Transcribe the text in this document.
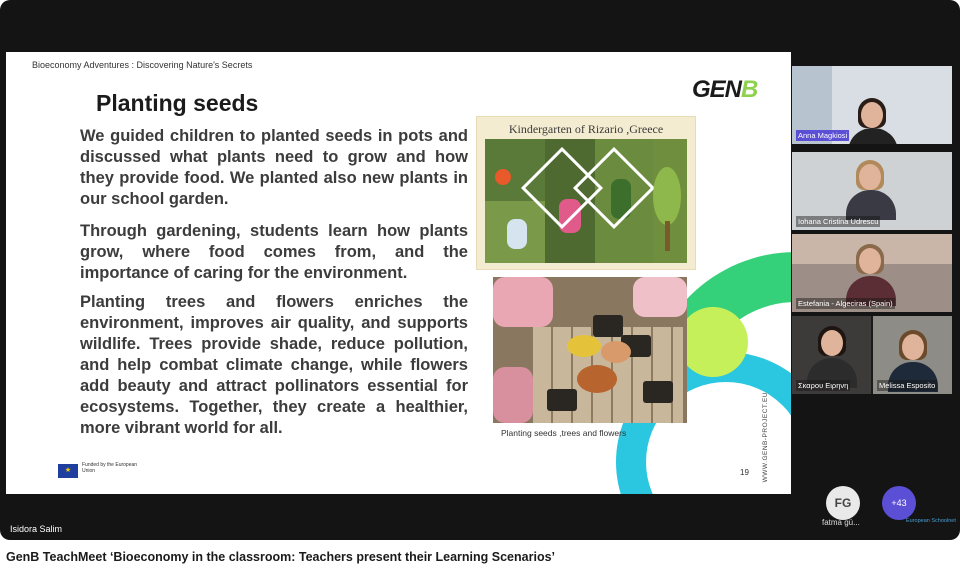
Bioeconomy Adventures : Discovering Nature's Secrets
GENB
Planting seeds
We guided children to planted seeds in pots and discussed what plants need to grow and how they provide food. We planted also new plants in our school garden.
Through gardening, students learn how plants grow, where food comes from, and the importance of caring for the environment.
Planting trees and flowers enriches the environment, improves air quality, and supports wildlife. Trees provide shade, reduce pollution, and help combat climate change, while flowers add beauty and attract pollinators essential for ecosystems. Together, they create a healthier, more vibrant world for all.
Kindergarten of Rizario ,Greece
Planting seeds ,trees and flowers	WWW.GENB-PROJECT.EU
★
Funded by the European Union	19
Isidora Salim
Anna Magkiosi
Iohana Cristina Udrescu
Estefania - Algeciras (Spain)
Σκαρου Ειρηνη	Melissa Esposito
FG
fatma gü...
+43
European Schoolnet
GenB TeachMeet ‘Bioeconomy in the classroom: Teachers present their Learning Scenarios’
